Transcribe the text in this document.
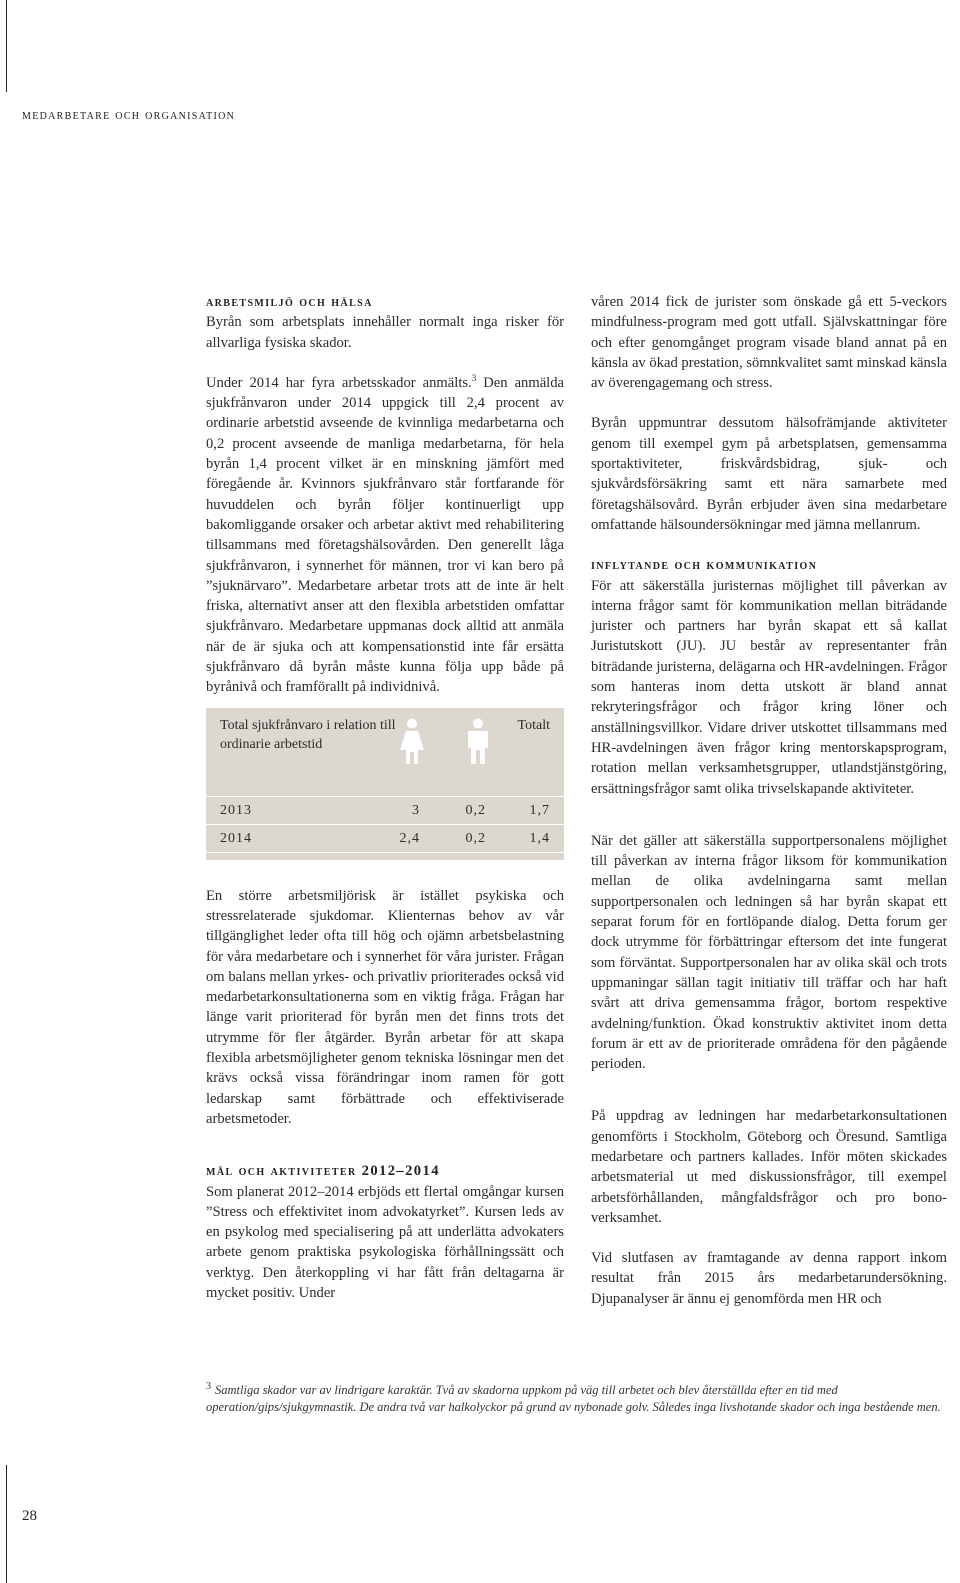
medarbetare och organisation
arbetsmiljö och hälsa

Byrån som arbetsplats innehåller normalt inga risker för allvarliga fysiska skador.

Under 2014 har fyra arbetsskador anmälts.$^3$ Den anmälda sjukfrånvaron under 2014 uppgick till 2,4 procent av ordinarie arbetstid avseende de kvinnliga medarbetarna och 0,2 procent avseende de manliga medarbetarna, för hela byrån 1,4 procent vilket är en minskning jämfört med föregående år. Kvinnors sjukfrånvaro står fortfarande för huvuddelen och byrån följer kontinuerligt upp bakomliggande orsaker och arbetar aktivt med rehabilitering tillsammans med företagshälsovården. Den generellt låga sjukfrånvaron, i synnerhet för männen, tror vi kan bero på ”sjuknärvaro”. Medarbetare arbetar trots att de inte är helt friska, alternativt anser att den flexibla arbetstiden omfattar sjukfrånvaro. Medarbetare uppmanas dock alltid att anmäla när de är sjuka och att kompensationstid inte får ersätta sjukfrånvaro då byrån måste kunna följa upp både på byrånivå och framförallt på individnivå.

Total sjukfrånvaro i relation till ordinarie arbetstid
Totalt
2013	3	0,2	1,7
2014	2,4	0,2	1,4

En större arbetsmiljörisk är istället psykiska och stressrelaterade sjukdomar. Klienternas behov av vår tillgänglighet leder ofta till hög och ojämn arbetsbelastning för våra medarbetare och i synnerhet för våra jurister. Frågan om balans mellan yrkes- och privatliv prioriterades också vid medarbetarkonsultationerna som en viktig fråga. Frågan har länge varit prioriterad för byrån men det finns trots det utrymme för fler åtgärder. Byrån arbetar för att skapa flexibla arbetsmöjligheter genom tekniska lösningar men det krävs också vissa förändringar inom ramen för gott ledarskap samt förbättrade och effektiviserade arbetsmetoder.

mål och aktiviteter 2012–2014

Som planerat 2012–2014 erbjöds ett flertal omgångar kursen ”Stress och effektivitet inom advokatyrket”. Kursen leds av en psykolog med specialisering på att underlätta advokaters arbete genom praktiska psykologiska förhållningssätt och verktyg. Den återkoppling vi har fått från deltagarna är mycket positiv. Under

våren 2014 fick de jurister som önskade gå ett 5-veckors mindfulness-program med gott utfall. Självskattningar före och efter genomgånget program visade bland annat på en känsla av ökad prestation, sömnkvalitet samt minskad känsla av överengagemang och stress.

Byrån uppmuntrar dessutom hälsofrämjande aktiviteter genom till exempel gym på arbetsplatsen, gemensamma sportaktiviteter, friskvårdsbidrag, sjuk- och sjukvårdsförsäkring samt ett nära samarbete med företagshälsovård. Byrån erbjuder även sina medarbetare omfattande hälsoundersökningar med jämna mellanrum.

inflytande och kommunikation

För att säkerställa juristernas möjlighet till påverkan av interna frågor samt för kommunikation mellan biträdande jurister och partners har byrån skapat ett så kallat Juristutskott (JU). JU består av representanter från biträdande juristerna, delägarna och HR-avdelningen. Frågor som hanteras inom detta utskott är bland annat rekryteringsfrågor och frågor kring löner och anställningsvillkor. Vidare driver utskottet tillsammans med HR-avdelningen även frågor kring mentorskapsprogram, rotation mellan verksamhetsgrupper, utlandstjänstgöring, ersättningsfrågor samt olika trivselskapande aktiviteter.

När det gäller att säkerställa supportpersonalens möjlighet till påverkan av interna frågor liksom för kommunikation mellan de olika avdelningarna samt mellan supportpersonalen och ledningen så har byrån skapat ett separat forum för en fortlöpande dialog. Detta forum ger dock utrymme för förbättringar eftersom det inte fungerat som förväntat. Supportpersonalen har av olika skäl och trots uppmaningar sällan tagit initiativ till träffar och har haft svårt att driva gemensamma frågor, bortom respektive avdelning/funktion. Ökad konstruktiv aktivitet inom detta forum är ett av de prioriterade områdena för den pågående perioden.

På uppdrag av ledningen har medarbetarkonsultationen genomförts i Stockholm, Göteborg och Öresund. Samtliga medarbetare och partners kallades. Inför möten skickades arbetsmaterial ut med diskussionsfrågor, till exempel arbetsförhållanden, mångfaldsfrågor och pro bono-verksamhet.

Vid slutfasen av framtagande av denna rapport inkom resultat från 2015 års medarbetarundersökning. Djupanalyser är ännu ej genomförda men HR och

$^3$ Samtliga skador var av lindrigare karaktär. Två av skadorna uppkom på väg till arbetet och blev återställda efter en tid med operation/gips/sjukgymnastik. De andra två var halkolyckor på grund av nybonade golv. Således inga livshotande skador och inga bestående men.
28
